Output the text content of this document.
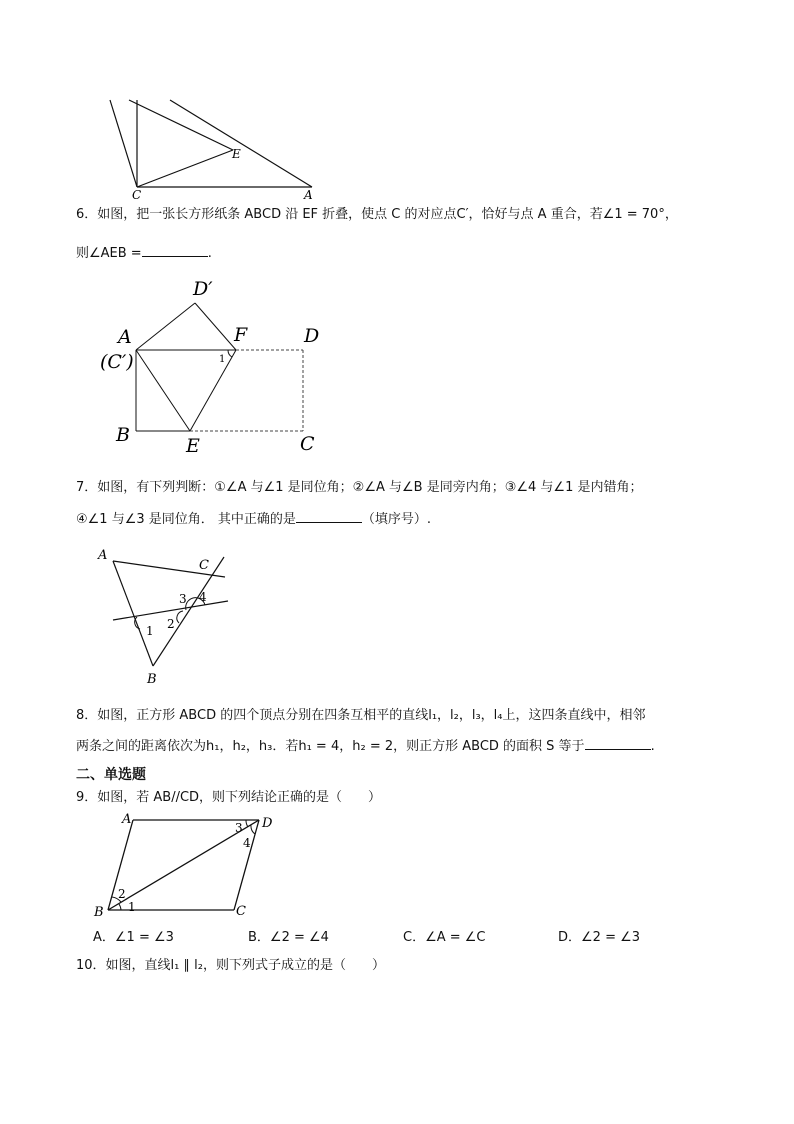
C
E
A
6．如图，把一张长方形纸条 ABCD 沿 EF 折叠，使点 C 的对应点C′，恰好与点 A 重合，若∠1 = 70°，
则∠AEB =	.
D′
A
(C′)
F	D
1
B	E	C
7．如图，有下列判断：①∠A 与∠1 是同位角；②∠A 与∠B 是同旁内角；③∠4 与∠1 是内错角；
④∠1 与∠3 是同位角． 其中正确的是	（填序号）.
A
C
3 4
1 2
B
8．如图，正方形 ABCD 的四个顶点分别在四条互相平的直线l₁，l₂，l₃，l₄上，这四条直线中，相邻
两条之间的距离依次为h₁，h₂，h₃．若h₁ = 4，h₂ = 2，则正方形 ABCD 的面积 S 等于	.
二、单选题
9．如图，若 AB//CD，则下列结论正确的是（　　）
A	D
3
4
2
1
B	C
A．∠1 = ∠3	B．∠2 = ∠4	C．∠A = ∠C	D．∠2 = ∠3
10．如图，直线l₁ ∥ l₂，则下列式子成立的是（　　）
